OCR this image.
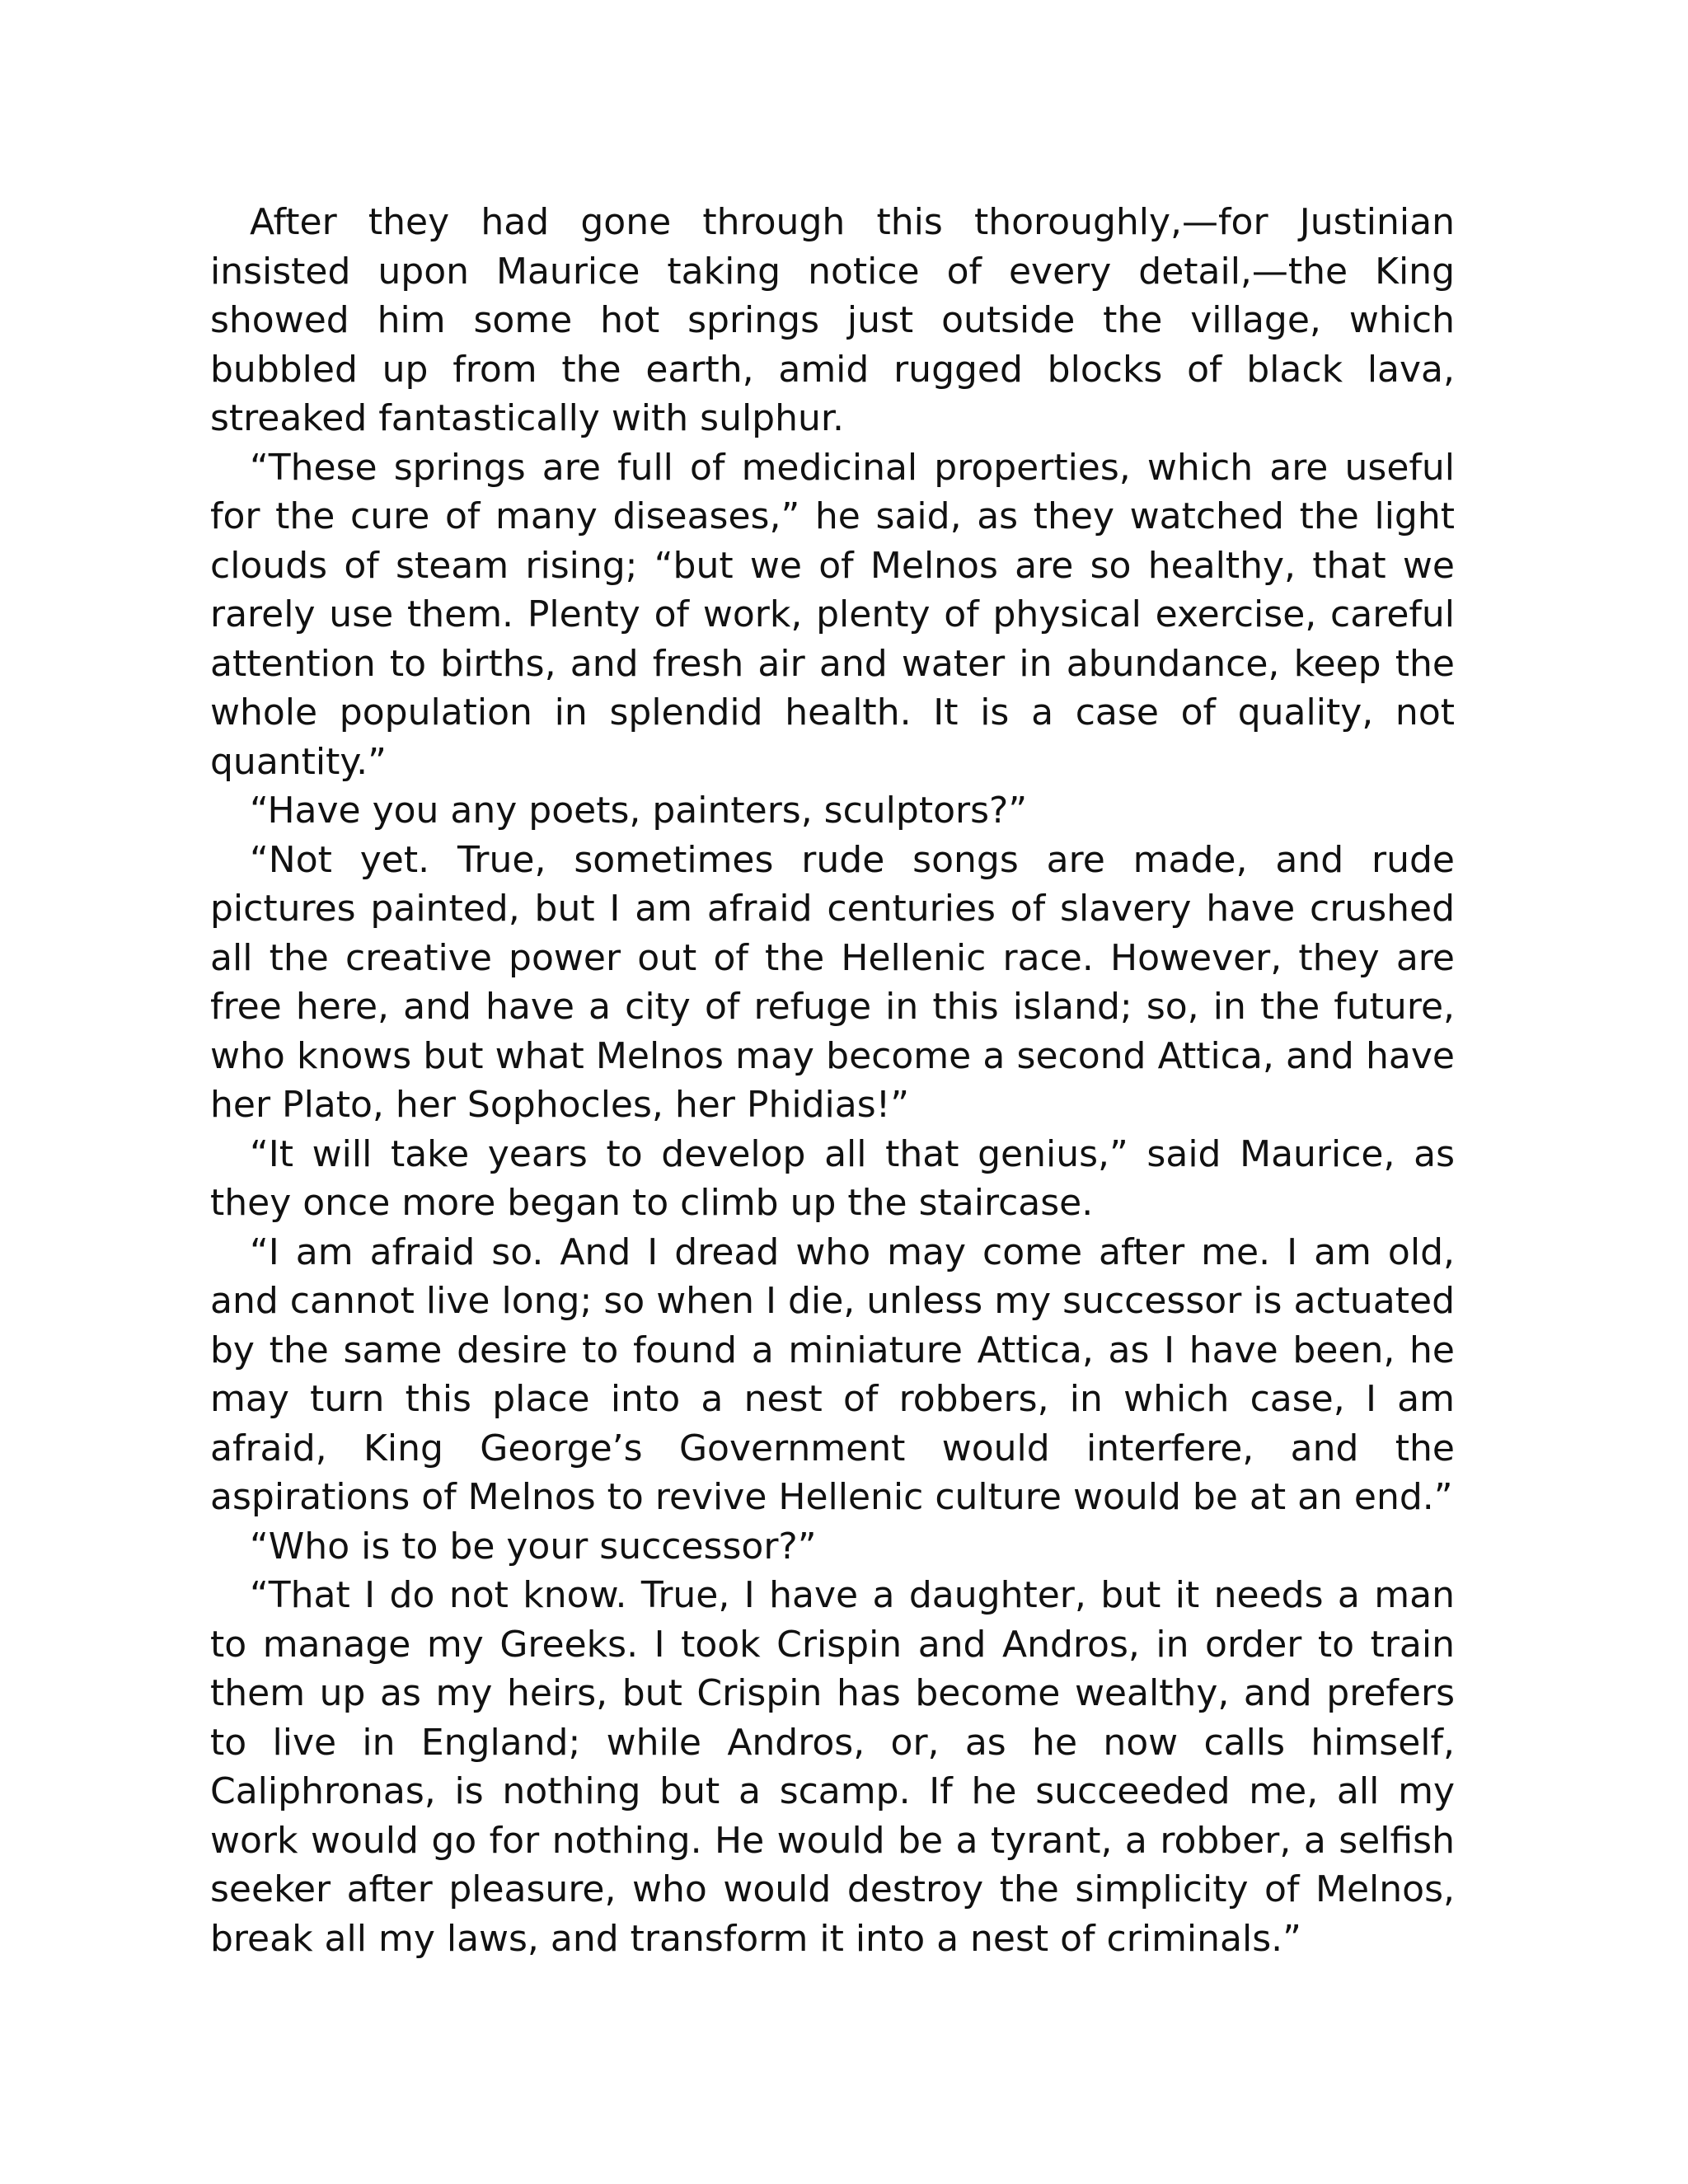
After they had gone through this thoroughly,—for Justinian insisted upon Maurice taking notice of every detail,—the King showed him some hot springs just outside the village, which bubbled up from the earth, amid rugged blocks of black lava, streaked fantastically with sulphur.

“These springs are full of medicinal properties, which are useful for the cure of many diseases,” he said, as they watched the light clouds of steam rising; “but we of Melnos are so healthy, that we rarely use them. Plenty of work, plenty of physical exercise, careful attention to births, and fresh air and water in abundance, keep the whole population in splendid health. It is a case of quality, not quantity.”

“Have you any poets, painters, sculptors?”

“Not yet. True, sometimes rude songs are made, and rude pictures painted, but I am afraid centuries of slavery have crushed all the creative power out of the Hellenic race. However, they are free here, and have a city of refuge in this island; so, in the future, who knows but what Melnos may become a second Attica, and have her Plato, her Sophocles, her Phidias!”

“It will take years to develop all that genius,” said Maurice, as they once more began to climb up the staircase.

“I am afraid so. And I dread who may come after me. I am old, and cannot live long; so when I die, unless my successor is actuated by the same desire to found a miniature Attica, as I have been, he may turn this place into a nest of robbers, in which case, I am afraid, King George’s Government would interfere, and the aspirations of Melnos to revive Hellenic culture would be at an end.”

“Who is to be your successor?”

“That I do not know. True, I have a daughter, but it needs a man to manage my Greeks. I took Crispin and Andros, in order to train them up as my heirs, but Crispin has become wealthy, and prefers to live in England; while Andros, or, as he now calls himself, Caliphronas, is nothing but a scamp. If he succeeded me, all my work would go for nothing. He would be a tyrant, a robber, a selfish seeker after pleasure, who would destroy the simplicity of Melnos, break all my laws, and transform it into a nest of criminals.”
